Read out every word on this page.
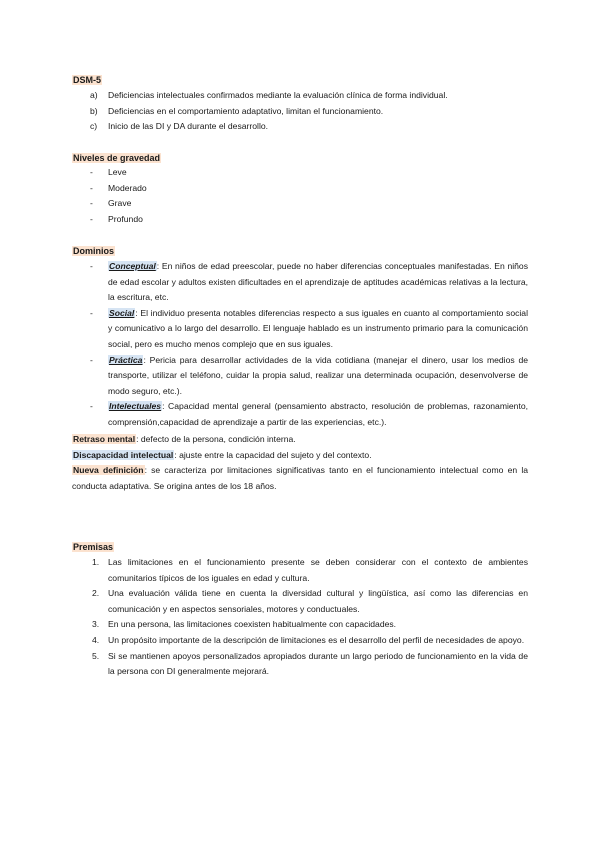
DSM-5
a) Deficiencias intelectuales confirmados mediante la evaluación clínica de forma individual.
b) Deficiencias en el comportamiento adaptativo, limitan el funcionamiento.
c) Inicio de las DI y DA durante el desarrollo.
Niveles de gravedad
- Leve
- Moderado
- Grave
- Profundo
Dominios
- Conceptual: En niños de edad preescolar, puede no haber diferencias conceptuales manifestadas. En niños de edad escolar y adultos existen dificultades en el aprendizaje de aptitudes académicas relativas a la lectura, la escritura, etc.
- Social: El individuo presenta notables diferencias respecto a sus iguales en cuanto al comportamiento social y comunicativo a lo largo del desarrollo. El lenguaje hablado es un instrumento primario para la comunicación social, pero es mucho menos complejo que en sus iguales.
- Práctica: Pericia para desarrollar actividades de la vida cotidiana (manejar el dinero, usar los medios de transporte, utilizar el teléfono, cuidar la propia salud, realizar una determinada ocupación, desenvolverse de modo seguro, etc.).
- Intelectuales: Capacidad mental general (pensamiento abstracto, resolución de problemas, razonamiento, comprensión,capacidad de aprendizaje a partir de las experiencias, etc.).

Retraso mental: defecto de la persona, condición interna.

Discapacidad intelectual: ajuste entre la capacidad del sujeto y del contexto.

Nueva definición: se caracteriza por limitaciones significativas tanto en el funcionamiento intelectual como en la conducta adaptativa. Se origina antes de los 18 años.

Premisas
1. Las limitaciones en el funcionamiento presente se deben considerar con el contexto de ambientes comunitarios típicos de los iguales en edad y cultura.
2. Una evaluación válida tiene en cuenta la diversidad cultural y lingüística, así como las diferencias en comunicación y en aspectos sensoriales, motores y conductuales.
3. En una persona, las limitaciones coexisten habitualmente con capacidades.
4. Un propósito importante de la descripción de limitaciones es el desarrollo del perfil de necesidades de apoyo.
5. Si se mantienen apoyos personalizados apropiados durante un largo periodo de funcionamiento en la vida de la persona con DI generalmente mejorará.
